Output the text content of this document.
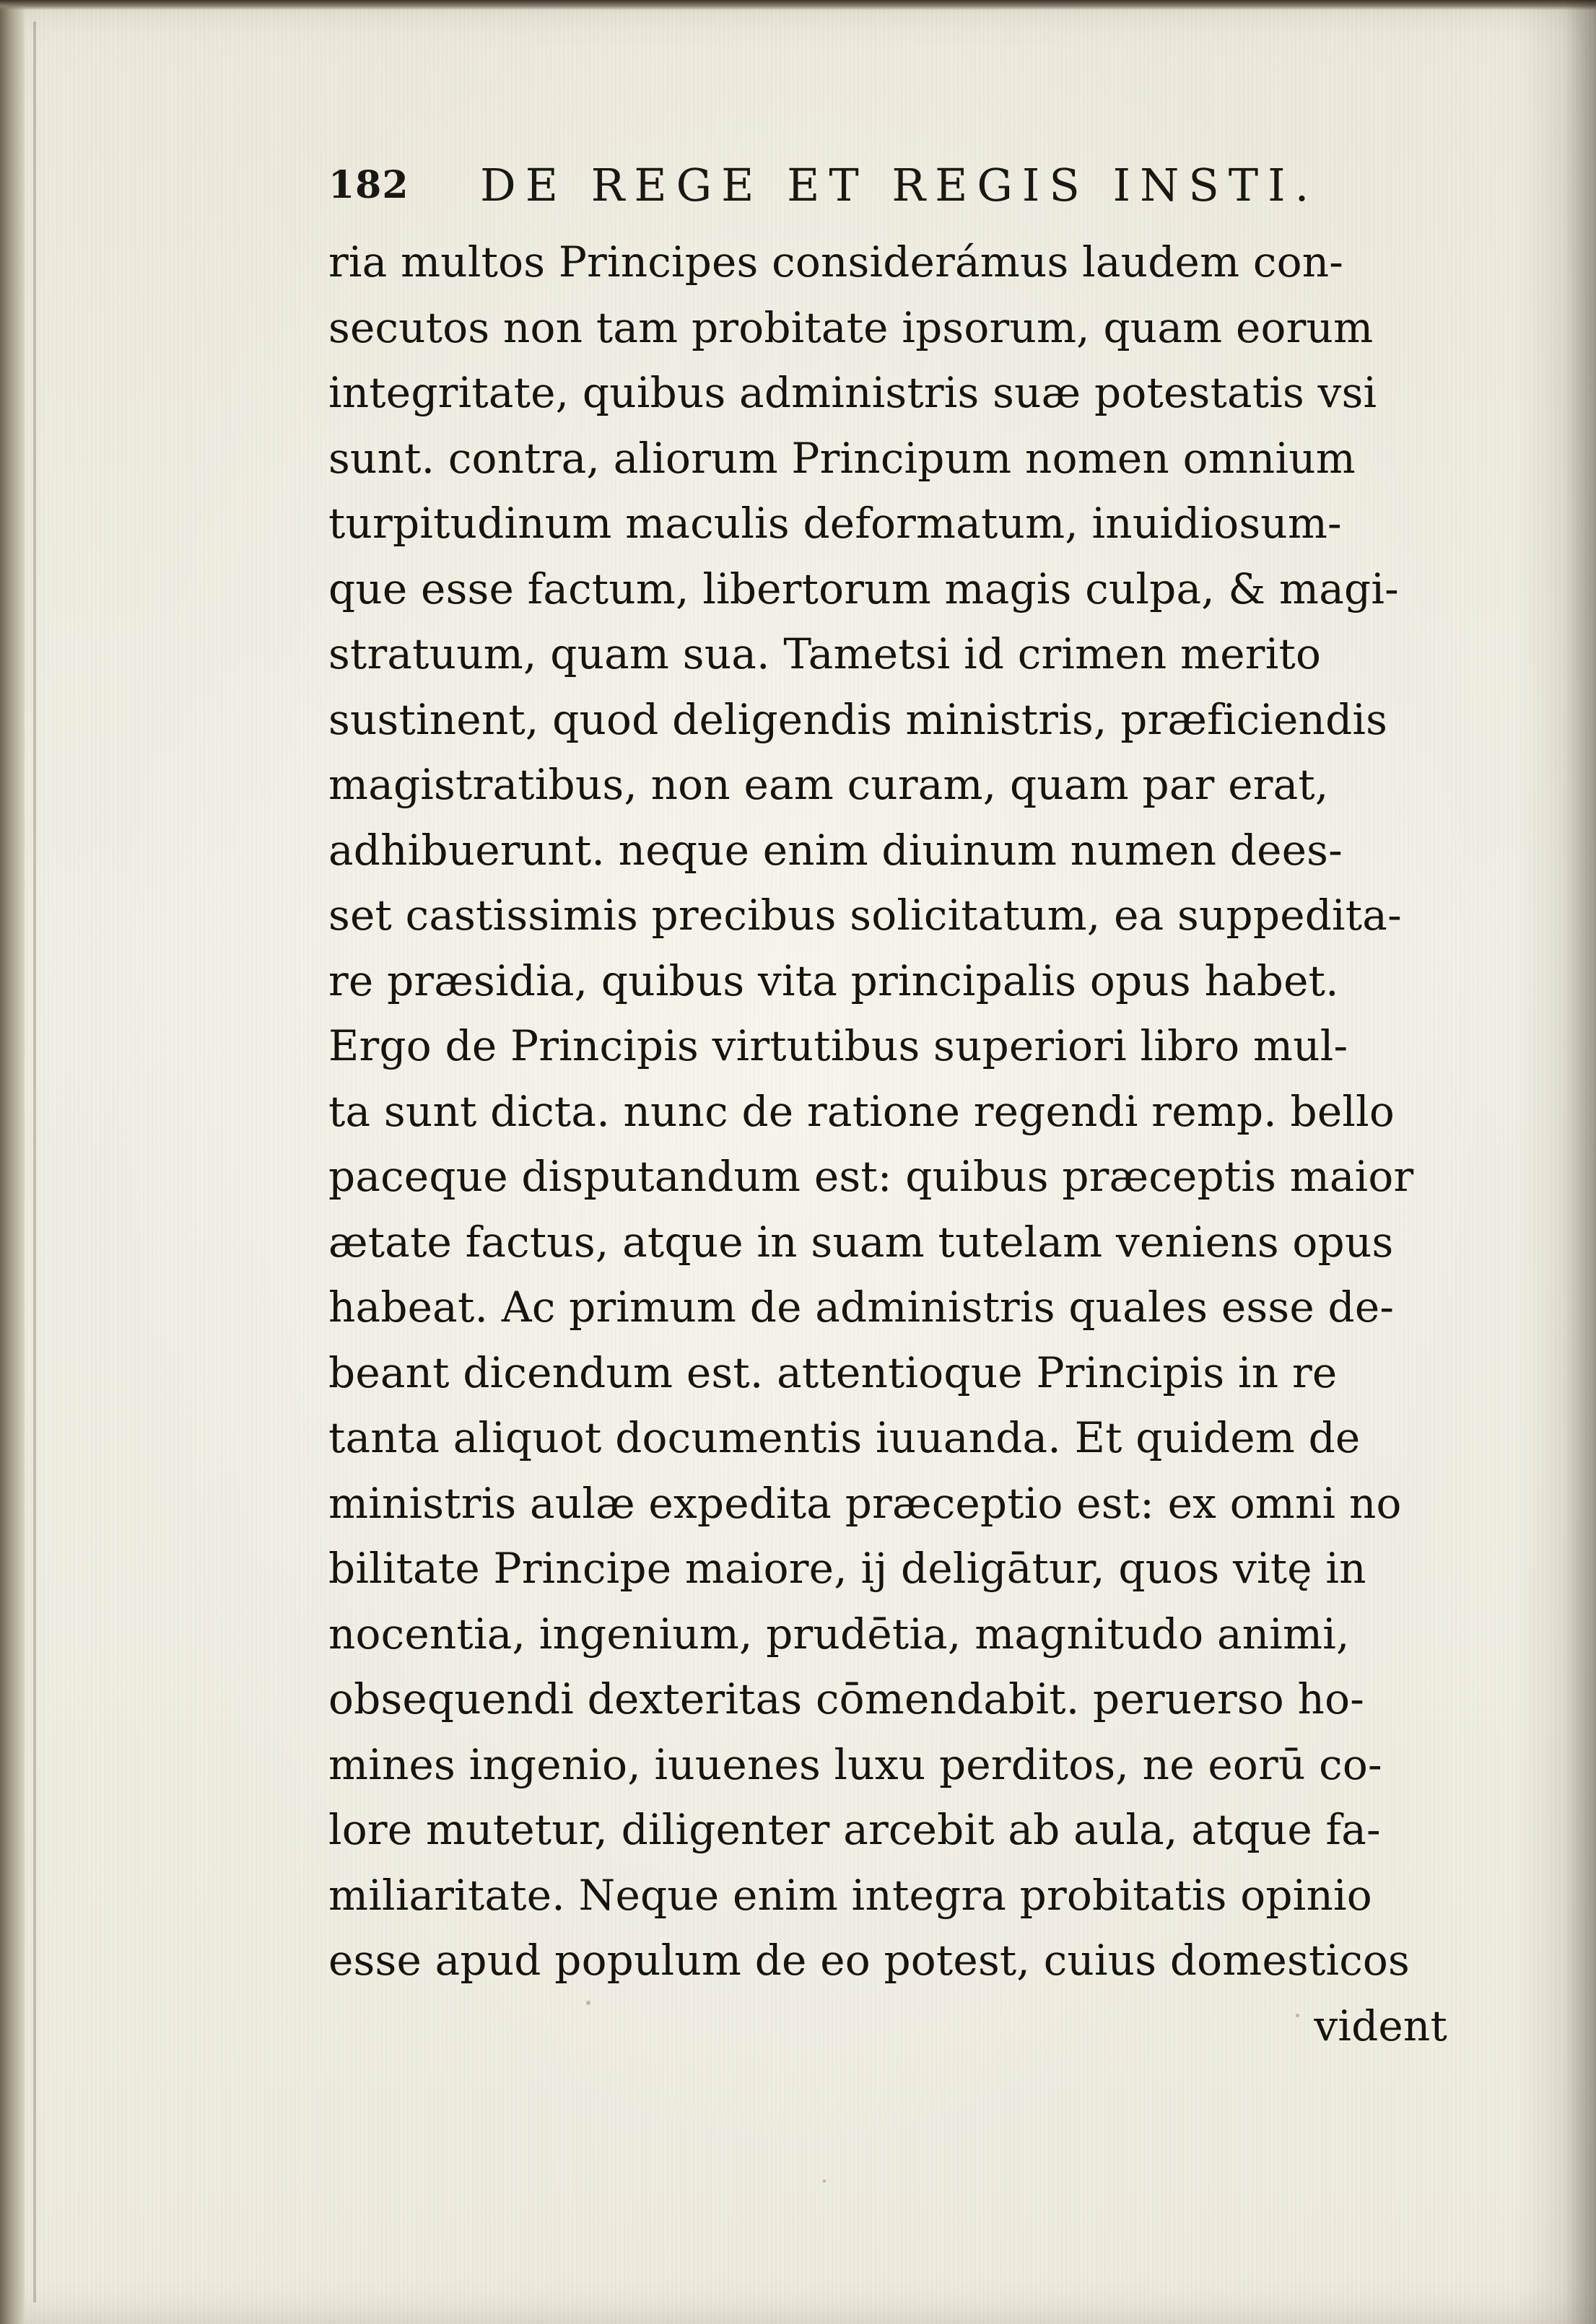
182 DE REGE ET REGIS INSTI.
ria multos Principes considerámus laudem con-
secutos non tam probitate ipsorum, quam eorum
integritate, quibus administris suæ potestatis vsi
sunt. contra, aliorum Principum nomen omnium
turpitudinum maculis deformatum, inuidiosum-
que esse factum, libertorum magis culpa, & magi-
stratuum, quam sua. Tametsi id crimen merito
sustinent, quod deligendis ministris, præficiendis
magistratibus, non eam curam, quam par erat,
adhibuerunt. neque enim diuinum numen dees-
set castissimis precibus solicitatum, ea suppedita-
re præsidia, quibus vita principalis opus habet.
Ergo de Principis virtutibus superiori libro mul-
ta sunt dicta. nunc de ratione regendi remp. bello
paceque disputandum est: quibus præceptis maior
ætate factus, atque in suam tutelam veniens opus
habeat. Ac primum de administris quales esse de-
beant dicendum est. attentioque Principis in re
tanta aliquot documentis iuuanda. Et quidem de
ministris aulæ expedita præceptio est: ex omni no
bilitate Principe maiore, ij deligātur, quos vitę in
nocentia, ingenium, prudētia, magnitudo animi,
obsequendi dexteritas cōmendabit. peruerso ho-
mines ingenio, iuuenes luxu perditos, ne eorū co-
lore mutetur, diligenter arcebit ab aula, atque fa-
miliaritate. Neque enim integra probitatis opinio
esse apud populum de eo potest, cuius domesticos
vident
